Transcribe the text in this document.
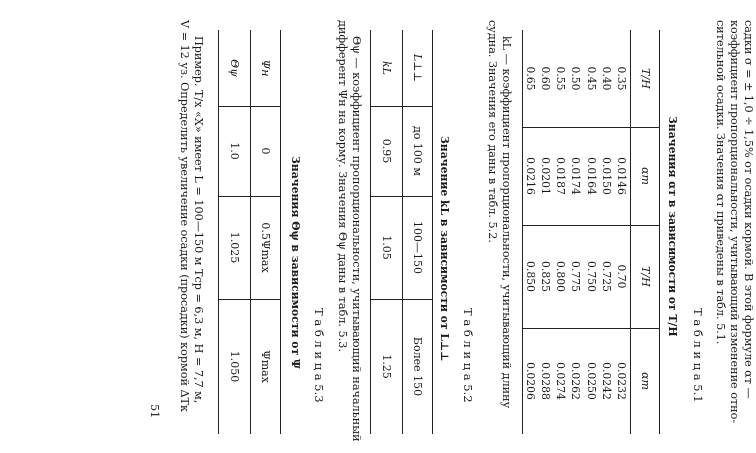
садки σ = ± 1,0 ÷ 1,5% от осадки кормой. В этой формуле αт —
коэффициент пропорциональности, учитывающий изменение отно-
сительной осадки. Значения αт приведены в табл. 5.1.
Т а б л и ц а 5.1
Значения αт в зависимости от T/H
T/H
αт
T/H
αт
0.35
0.40
0.45
0.50
0.55
0.60
0.65
0.0146
0.0150
0.0164
0.0174
0.0187
0.0201
0.0216
0.70
0.725
0.750
0.775
0.800
0.825
0.850
0.0232
0.0242
0.0250
0.0262
0.0274
0.0288
0.0206
kL — коэффициент пропорциональности, учитывающий длину
судна. Значения его даны в табл. 5.2.
Т а б л и ц а 5.2
Значение kL в зависимости от L⊥⊥
L⊥⊥
до 100 м
100—150
Более 150
kL
0.95
1.05
1.25
Θψ — коэффициент пропорциональности, учитывающий начальный
дифферент Ψн на корму. Значения Θψ даны в табл. 5.3.
Т а б л и ц а 5.3
Значения Θψ в зависимости от Ψ
Ψн
0
0.5Ψmax
Ψmax
Θψ
1.0
1.025
1.050
Пример. Т/х «Х» имеет L = 100—150 м Tср = 6,3 м, H = 7,7 м,
V = 12 уз. Определить увеличение осадки (просадки) кормой ΔTк
51
